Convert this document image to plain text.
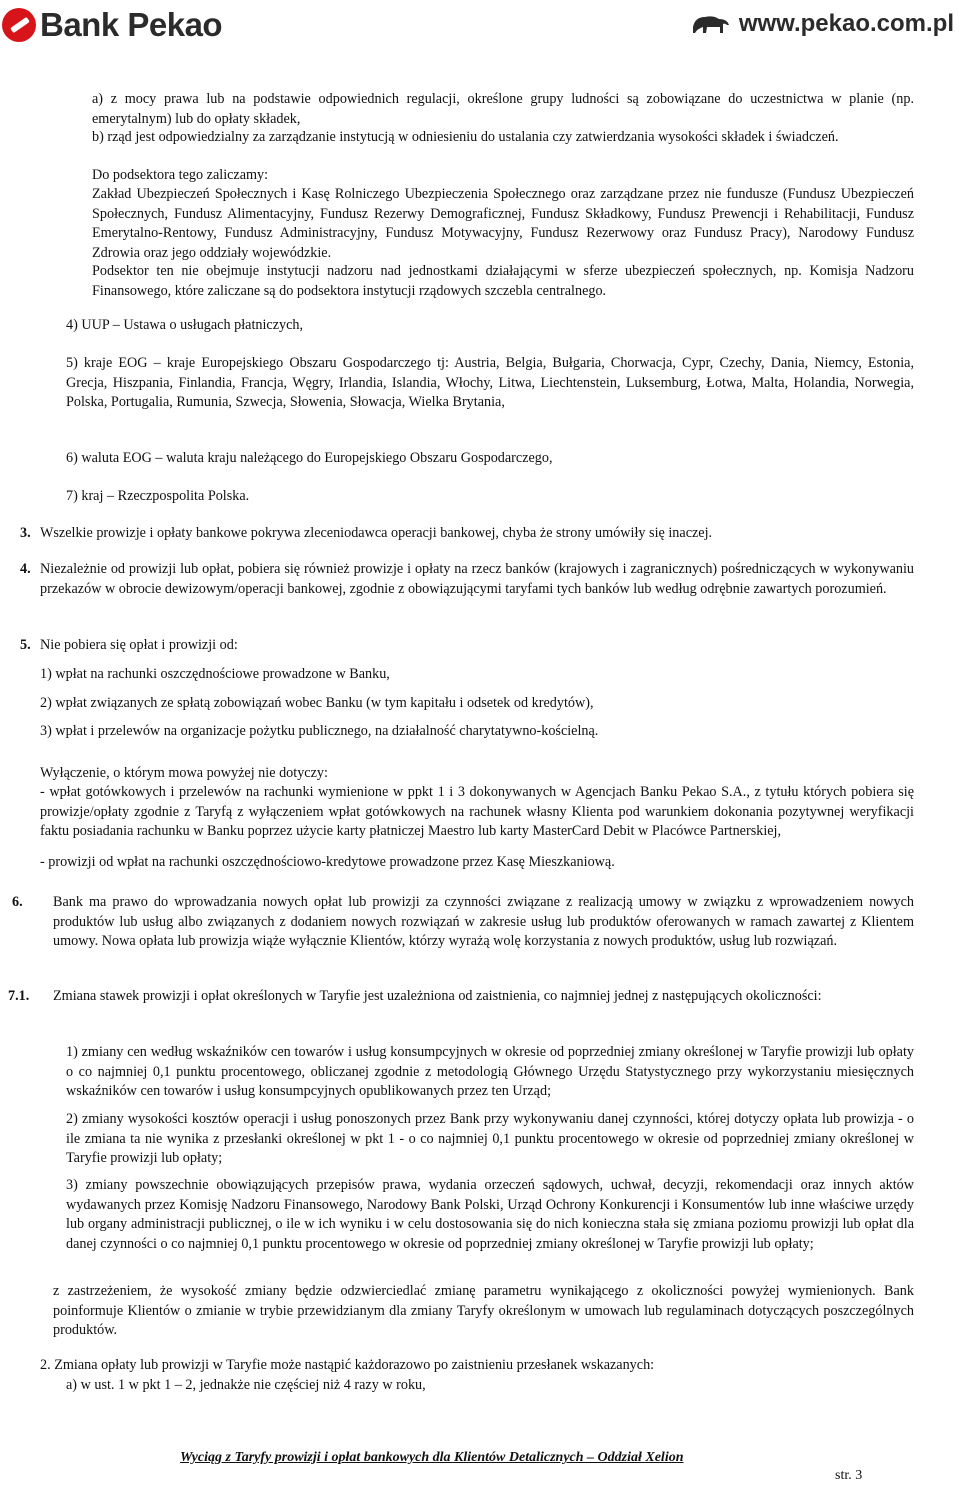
Bank Pekao	www.pekao.com.pl

a) z mocy prawa lub na podstawie odpowiednich regulacji, określone grupy ludności są zobowiązane do uczestnictwa w planie (np. emerytalnym) lub do opłaty składek,

b) rząd jest odpowiedzialny za zarządzanie instytucją w odniesieniu do ustalania czy zatwierdzania wysokości składek i świadczeń.

Do podsektora tego zaliczamy:

Zakład Ubezpieczeń Społecznych i Kasę Rolniczego Ubezpieczenia Społecznego oraz zarządzane przez nie fundusze (Fundusz Ubezpieczeń Społecznych, Fundusz Alimentacyjny, Fundusz Rezerwy Demograficznej, Fundusz Składkowy, Fundusz Prewencji i Rehabilitacji, Fundusz Emerytalno-Rentowy, Fundusz Administracyjny, Fundusz Motywacyjny, Fundusz Rezerwowy oraz Fundusz Pracy), Narodowy Fundusz Zdrowia oraz jego oddziały wojewódzkie.

Podsektor ten nie obejmuje instytucji nadzoru nad jednostkami działającymi w sferze ubezpieczeń społecznych, np. Komisja Nadzoru Finansowego, które zaliczane są do podsektora instytucji rządowych szczebla centralnego.

4) UUP – Ustawa o usługach płatniczych,

5) kraje EOG – kraje Europejskiego Obszaru Gospodarczego tj: Austria, Belgia, Bułgaria, Chorwacja, Cypr, Czechy, Dania, Niemcy, Estonia, Grecja, Hiszpania, Finlandia, Francja, Węgry, Irlandia, Islandia, Włochy, Litwa, Liechtenstein, Luksemburg, Łotwa, Malta, Holandia, Norwegia, Polska, Portugalia, Rumunia, Szwecja, Słowenia, Słowacja, Wielka Brytania,

6) waluta EOG – waluta kraju należącego do Europejskiego Obszaru Gospodarczego,

7) kraj – Rzeczpospolita Polska.

3. Wszelkie prowizje i opłaty bankowe pokrywa zleceniodawca operacji bankowej, chyba że strony umówiły się inaczej.

4. Niezależnie od prowizji lub opłat, pobiera się również prowizje i opłaty na rzecz banków (krajowych i zagranicznych) pośredniczących w wykonywaniu przekazów w obrocie dewizowym/operacji bankowej, zgodnie z obowiązującymi taryfami tych banków lub według odrębnie zawartych porozumień.

5. Nie pobiera się opłat i prowizji od:

1) wpłat na rachunki oszczędnościowe prowadzone w Banku,

2) wpłat związanych ze spłatą zobowiązań wobec Banku (w tym kapitału i odsetek od kredytów),

3) wpłat i przelewów na organizacje pożytku publicznego, na działalność charytatywno-kościelną.

Wyłączenie, o którym mowa powyżej nie dotyczy:

- wpłat gotówkowych i przelewów na rachunki wymienione w ppkt 1 i 3 dokonywanych w Agencjach Banku Pekao S.A., z tytułu których pobiera się prowizje/opłaty zgodnie z Taryfą z wyłączeniem wpłat gotówkowych na rachunek własny Klienta pod warunkiem dokonania pozytywnej weryfikacji faktu posiadania rachunku w Banku poprzez użycie karty płatniczej Maestro lub karty MasterCard Debit w Placówce Partnerskiej,

- prowizji od wpłat na rachunki oszczędnościowo-kredytowe prowadzone przez Kasę Mieszkaniową.

6. Bank ma prawo do wprowadzania nowych opłat lub prowizji za czynności związane z realizacją umowy w związku z wprowadzeniem nowych produktów lub usług albo związanych z dodaniem nowych rozwiązań w zakresie usług lub produktów oferowanych w ramach zawartej z Klientem umowy. Nowa opłata lub prowizja wiąże wyłącznie Klientów, którzy wyrażą wolę korzystania z nowych produktów, usług lub rozwiązań.

7.1. Zmiana stawek prowizji i opłat określonych w Taryfie jest uzależniona od zaistnienia, co najmniej jednej z następujących okoliczności:

1) zmiany cen według wskaźników cen towarów i usług konsumpcyjnych w okresie od poprzedniej zmiany określonej w Taryfie prowizji lub opłaty o co najmniej 0,1 punktu procentowego, obliczanej zgodnie z metodologią Głównego Urzędu Statystycznego przy wykorzystaniu miesięcznych wskaźników cen towarów i usług konsumpcyjnych opublikowanych przez ten Urząd;

2) zmiany wysokości kosztów operacji i usług ponoszonych przez Bank przy wykonywaniu danej czynności, której dotyczy opłata lub prowizja - o ile zmiana ta nie wynika z przesłanki określonej w pkt 1 - o co najmniej 0,1 punktu procentowego w okresie od poprzedniej zmiany określonej w Taryfie prowizji lub opłaty;

3) zmiany powszechnie obowiązujących przepisów prawa, wydania orzeczeń sądowych, uchwał, decyzji, rekomendacji oraz innych aktów wydawanych przez Komisję Nadzoru Finansowego, Narodowy Bank Polski, Urząd Ochrony Konkurencji i Konsumentów lub inne właściwe urzędy lub organy administracji publicznej, o ile w ich wyniku i w celu dostosowania się do nich konieczna stała się zmiana poziomu prowizji lub opłat dla danej czynności o co najmniej 0,1 punktu procentowego w okresie od poprzedniej zmiany określonej w Taryfie prowizji lub opłaty;

z zastrzeżeniem, że wysokość zmiany będzie odzwierciedlać zmianę parametru wynikającego z okoliczności powyżej wymienionych. Bank poinformuje Klientów o zmianie w trybie przewidzianym dla zmiany Taryfy określonym w umowach lub regulaminach dotyczących poszczególnych produktów.

2. Zmiana opłaty lub prowizji w Taryfie może nastąpić każdorazowo po zaistnieniu przesłanek wskazanych:

a) w ust. 1 w pkt 1 – 2, jednakże nie częściej niż 4 razy w roku,

Wyciąg z Taryfy prowizji i opłat bankowych dla Klientów Detalicznych – Oddział Xelion
str. 3
